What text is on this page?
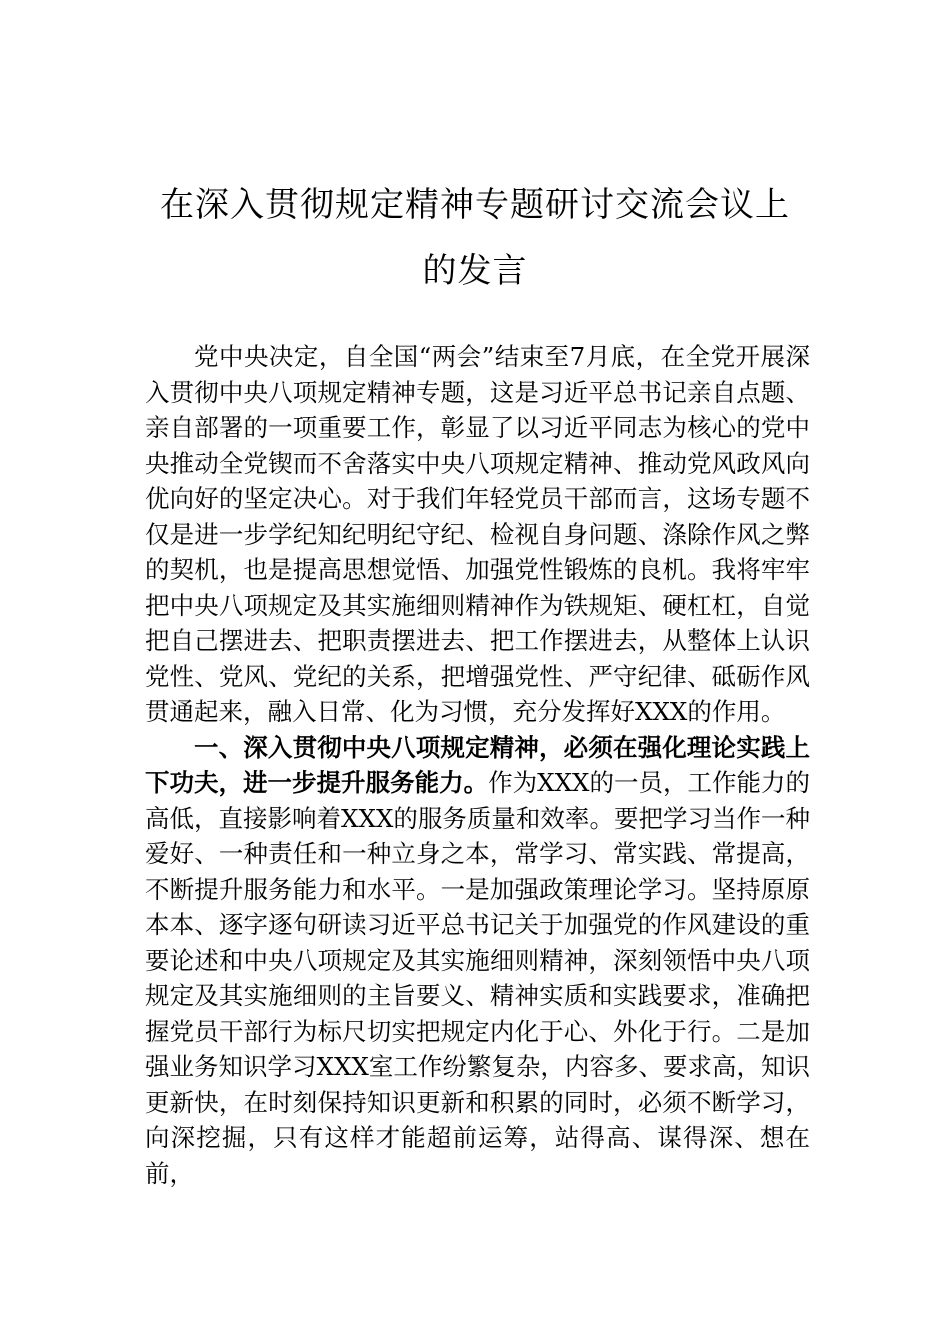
在深入贯彻规定精神专题研讨交流会议上
的发言

党中央决定，自全国“两会”结束至7月底，在全党开展深入贯彻中央八项规定精神专题，这是习近平总书记亲自点题、亲自部署的一项重要工作，彰显了以习近平同志为核心的党中央推动全党锲而不舍落实中央八项规定精神、推动党风政风向优向好的坚定决心。对于我们年轻党员干部而言，这场专题不仅是进一步学纪知纪明纪守纪、检视自身问题、涤除作风之弊的契机，也是提高思想觉悟、加强党性锻炼的良机。我将牢牢把中央八项规定及其实施细则精神作为铁规矩、硬杠杠，自觉把自己摆进去、把职责摆进去、把工作摆进去，从整体上认识党性、党风、党纪的关系，把增强党性、严守纪律、砥砺作风贯通起来，融入日常、化为习惯，充分发挥好XXX的作用。

一、深入贯彻中央八项规定精神，必须在强化理论实践上下功夫，进一步提升服务能力。作为XXX的一员，工作能力的高低，直接影响着XXX的服务质量和效率。要把学习当作一种爱好、一种责任和一种立身之本，常学习、常实践、常提高，不断提升服务能力和水平。一是加强政策理论学习。坚持原原本本、逐字逐句研读习近平总书记关于加强党的作风建设的重要论述和中央八项规定及其实施细则精神，深刻领悟中央八项规定及其实施细则的主旨要义、精神实质和实践要求，准确把握党员干部行为标尺切实把规定内化于心、外化于行。二是加强业务知识学习XXX室工作纷繁复杂，内容多、要求高，知识更新快，在时刻保持知识更新和积累的同时，必须不断学习，向深挖掘，只有这样才能超前运筹，站得高、谋得深、想在前，
